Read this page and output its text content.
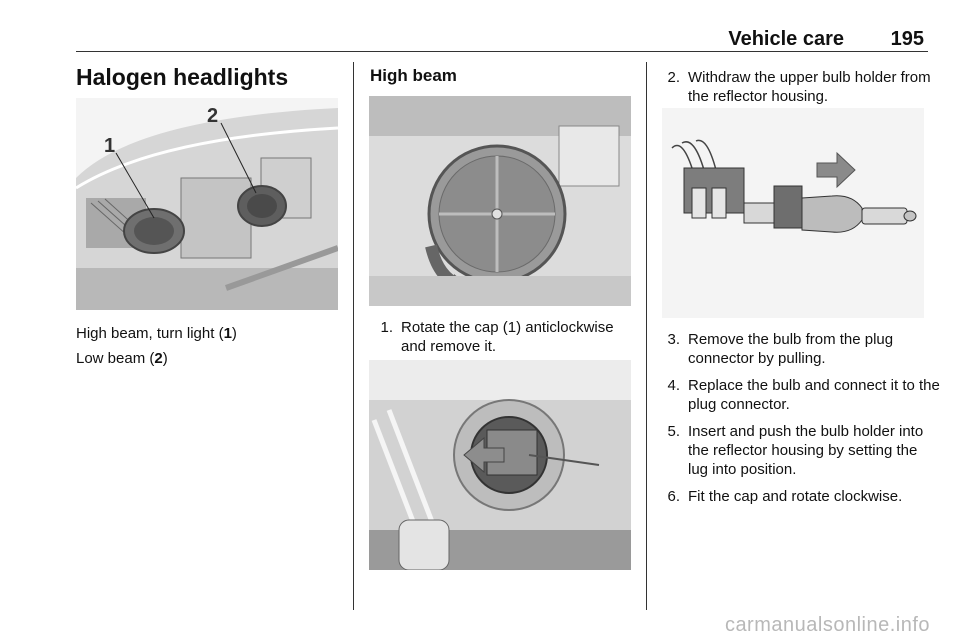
Vehicle care 195
Halogen headlights
1
2
High beam, turn light (1)
Low beam (2)
High beam
1. Rotate the cap (1) anticlockwise and remove it.
2. Withdraw the upper bulb holder from the reflector housing.
3. Remove the bulb from the plug connector by pulling.
4. Replace the bulb and connect it to the plug connector.
5. Insert and push the bulb holder into the reflector housing by setting the lug into position.
6. Fit the cap and rotate clockwise.
carmanualsonline.info
